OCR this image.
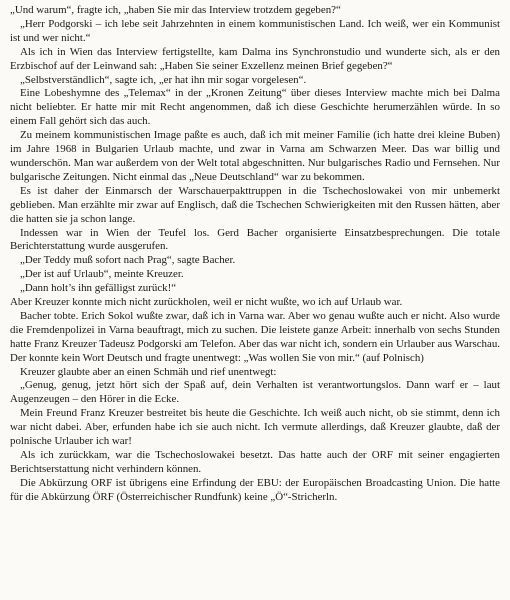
„Und warum“, fragte ich, „haben Sie mir das Interview trotzdem gegeben?“

„Herr Podgorski – ich lebe seit Jahrzehnten in einem kommunistischen Land. Ich weiß, wer ein Kommunist ist und wer nicht.“

Als ich in Wien das Interview fertigstellte, kam Dalma ins Synchronstudio und wunderte sich, als er den Erzbischof auf der Leinwand sah: „Haben Sie seiner Exzellenz meinen Brief gegeben?“

„Selbstverständlich“, sagte ich, „er hat ihn mir sogar vorgelesen“.

Eine Lobeshymne des „Telemax“ in der „Kronen Zeitung“ über dieses Interview machte mich bei Dalma nicht beliebter. Er hatte mir mit Recht angenommen, daß ich diese Geschichte herumerzählen würde. In so einem Fall gehört sich das auch.

Zu meinem kommunistischen Image paßte es auch, daß ich mit meiner Familie (ich hatte drei kleine Buben) im Jahre 1968 in Bulgarien Urlaub machte, und zwar in Varna am Schwarzen Meer. Das war billig und wunderschön. Man war außerdem von der Welt total abgeschnitten. Nur bulgarisches Radio und Fernsehen. Nur bulgarische Zeitungen. Nicht einmal das „Neue Deutschland“ war zu bekommen.

Es ist daher der Einmarsch der Warschauerpakttruppen in die Tschechoslowakei von mir unbemerkt geblieben. Man erzählte mir zwar auf Englisch, daß die Tschechen Schwierigkeiten mit den Russen hätten, aber die hatten sie ja schon lange.

Indessen war in Wien der Teufel los. Gerd Bacher organisierte Einsatzbesprechungen. Die totale Berichterstattung wurde ausgerufen.

„Der Teddy muß sofort nach Prag“, sagte Bacher.

„Der ist auf Urlaub“, meinte Kreuzer.

„Dann holt’s ihn gefälligst zurück!“

Aber Kreuzer konnte mich nicht zurückholen, weil er nicht wußte, wo ich auf Urlaub war.

Bacher tobte. Erich Sokol wußte zwar, daß ich in Varna war. Aber wo genau wußte auch er nicht. Also wurde die Fremdenpolizei in Varna beauftragt, mich zu suchen. Die leistete ganze Arbeit: innerhalb von sechs Stunden hatte Franz Kreuzer Tadeusz Podgorski am Telefon. Aber das war nicht ich, sondern ein Urlauber aus Warschau. Der konnte kein Wort Deutsch und fragte unentwegt: „Was wollen Sie von mir.“ (auf Polnisch)

Kreuzer glaubte aber an einen Schmäh und rief unentwegt:

„Genug, genug, jetzt hört sich der Spaß auf, dein Verhalten ist verantwortungslos. Dann warf er – laut Augenzeugen – den Hörer in die Ecke.

Mein Freund Franz Kreuzer bestreitet bis heute die Geschichte. Ich weiß auch nicht, ob sie stimmt, denn ich war nicht dabei. Aber, erfunden habe ich sie auch nicht. Ich vermute allerdings, daß Kreuzer glaubte, daß der polnische Urlauber ich war!

Als ich zurückkam, war die Tschechoslowakei besetzt. Das hatte auch der ORF mit seiner engagierten Berichtserstattung nicht verhindern können.

Die Abkürzung ORF ist übrigens eine Erfindung der EBU: der Europäischen Broadcasting Union. Die hatte für die Abkürzung ÖRF (Österreichischer Rundfunk) keine „Ö“-Stricherln.
